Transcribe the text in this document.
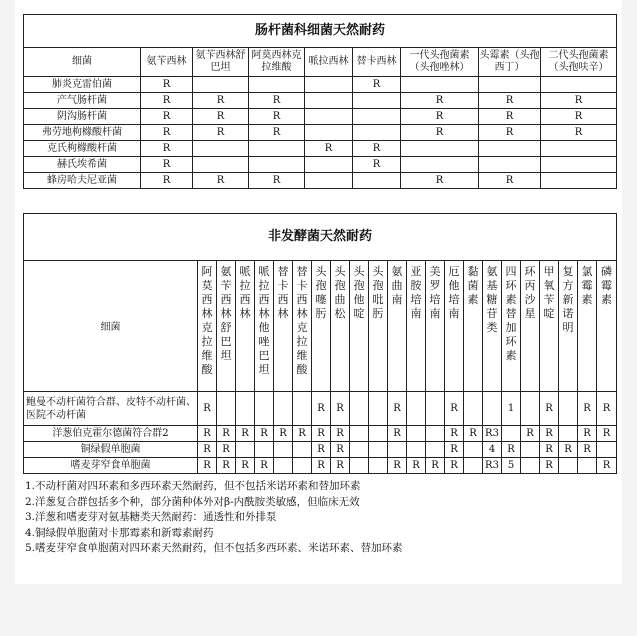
肠杆菌科细菌天然耐药								
细菌	氨苄西林	氨苄西林舒巴坦	阿莫西林克拉维酸	哌拉西林	替卡西林	一代头孢菌素（头孢唑林）	头霉素（头孢西丁）	二代头孢菌素（头孢呋辛）
肺炎克雷伯菌	R				R			
产气肠杆菌	R	R	R			R	R	R
阴沟肠杆菌	R	R	R			R	R	R
弗劳地枸橼酸杆菌	R	R	R			R	R	R
克氏枸橼酸杆菌	R			R	R			
赫氏埃希菌	R				R			
蜂房哈夫尼亚菌	R	R	R			R	R	
非发酵菌天然耐药																						
细菌	阿莫西林克拉维酸	氨苄西林舒巴坦	哌拉西林	哌拉西林他唑巴坦	替卡西林	替卡西林克拉维酸	头孢噻肟	头孢曲松	头孢他啶	头孢吡肟	氨曲南	亚胺培南	美罗培南	厄他培南	黏菌素	氨基糖苷类	四环素替加环素	环丙沙星	甲氧苄啶	复方新诺明	氯霉素	磷霉素

鲍曼不动杆菌符合群、皮特不动杆菌、医院不动杆菌	R						R	R			R			R			1		R		R	R
洋葱伯克霍尔德菌符合群2	R	R	R	R	R	R	R	R			R			R	R	R3		R	R		R	R
铜绿假单胞菌	R	R					R	R						R		4	R		R	R	R	
嗜麦芽窄食单胞菌	R	R	R	R			R	R			R	R	R	R		R3	5		R			R
1.不动杆菌对四环素和多西环素天然耐药，但不包括米诺环素和替加环素
2.洋葱复合群包括多个种，部分菌种体外对β-内酰胺类敏感，但临床无效
3.洋葱和嗜麦芽对氨基糖类天然耐药：通透性和外排泵
4.铜绿假单胞菌对卡那霉素和新霉素耐药
5.嗜麦芽窄食单胞菌对四环素天然耐药，但不包括多西环素、米诺环素、替加环素
